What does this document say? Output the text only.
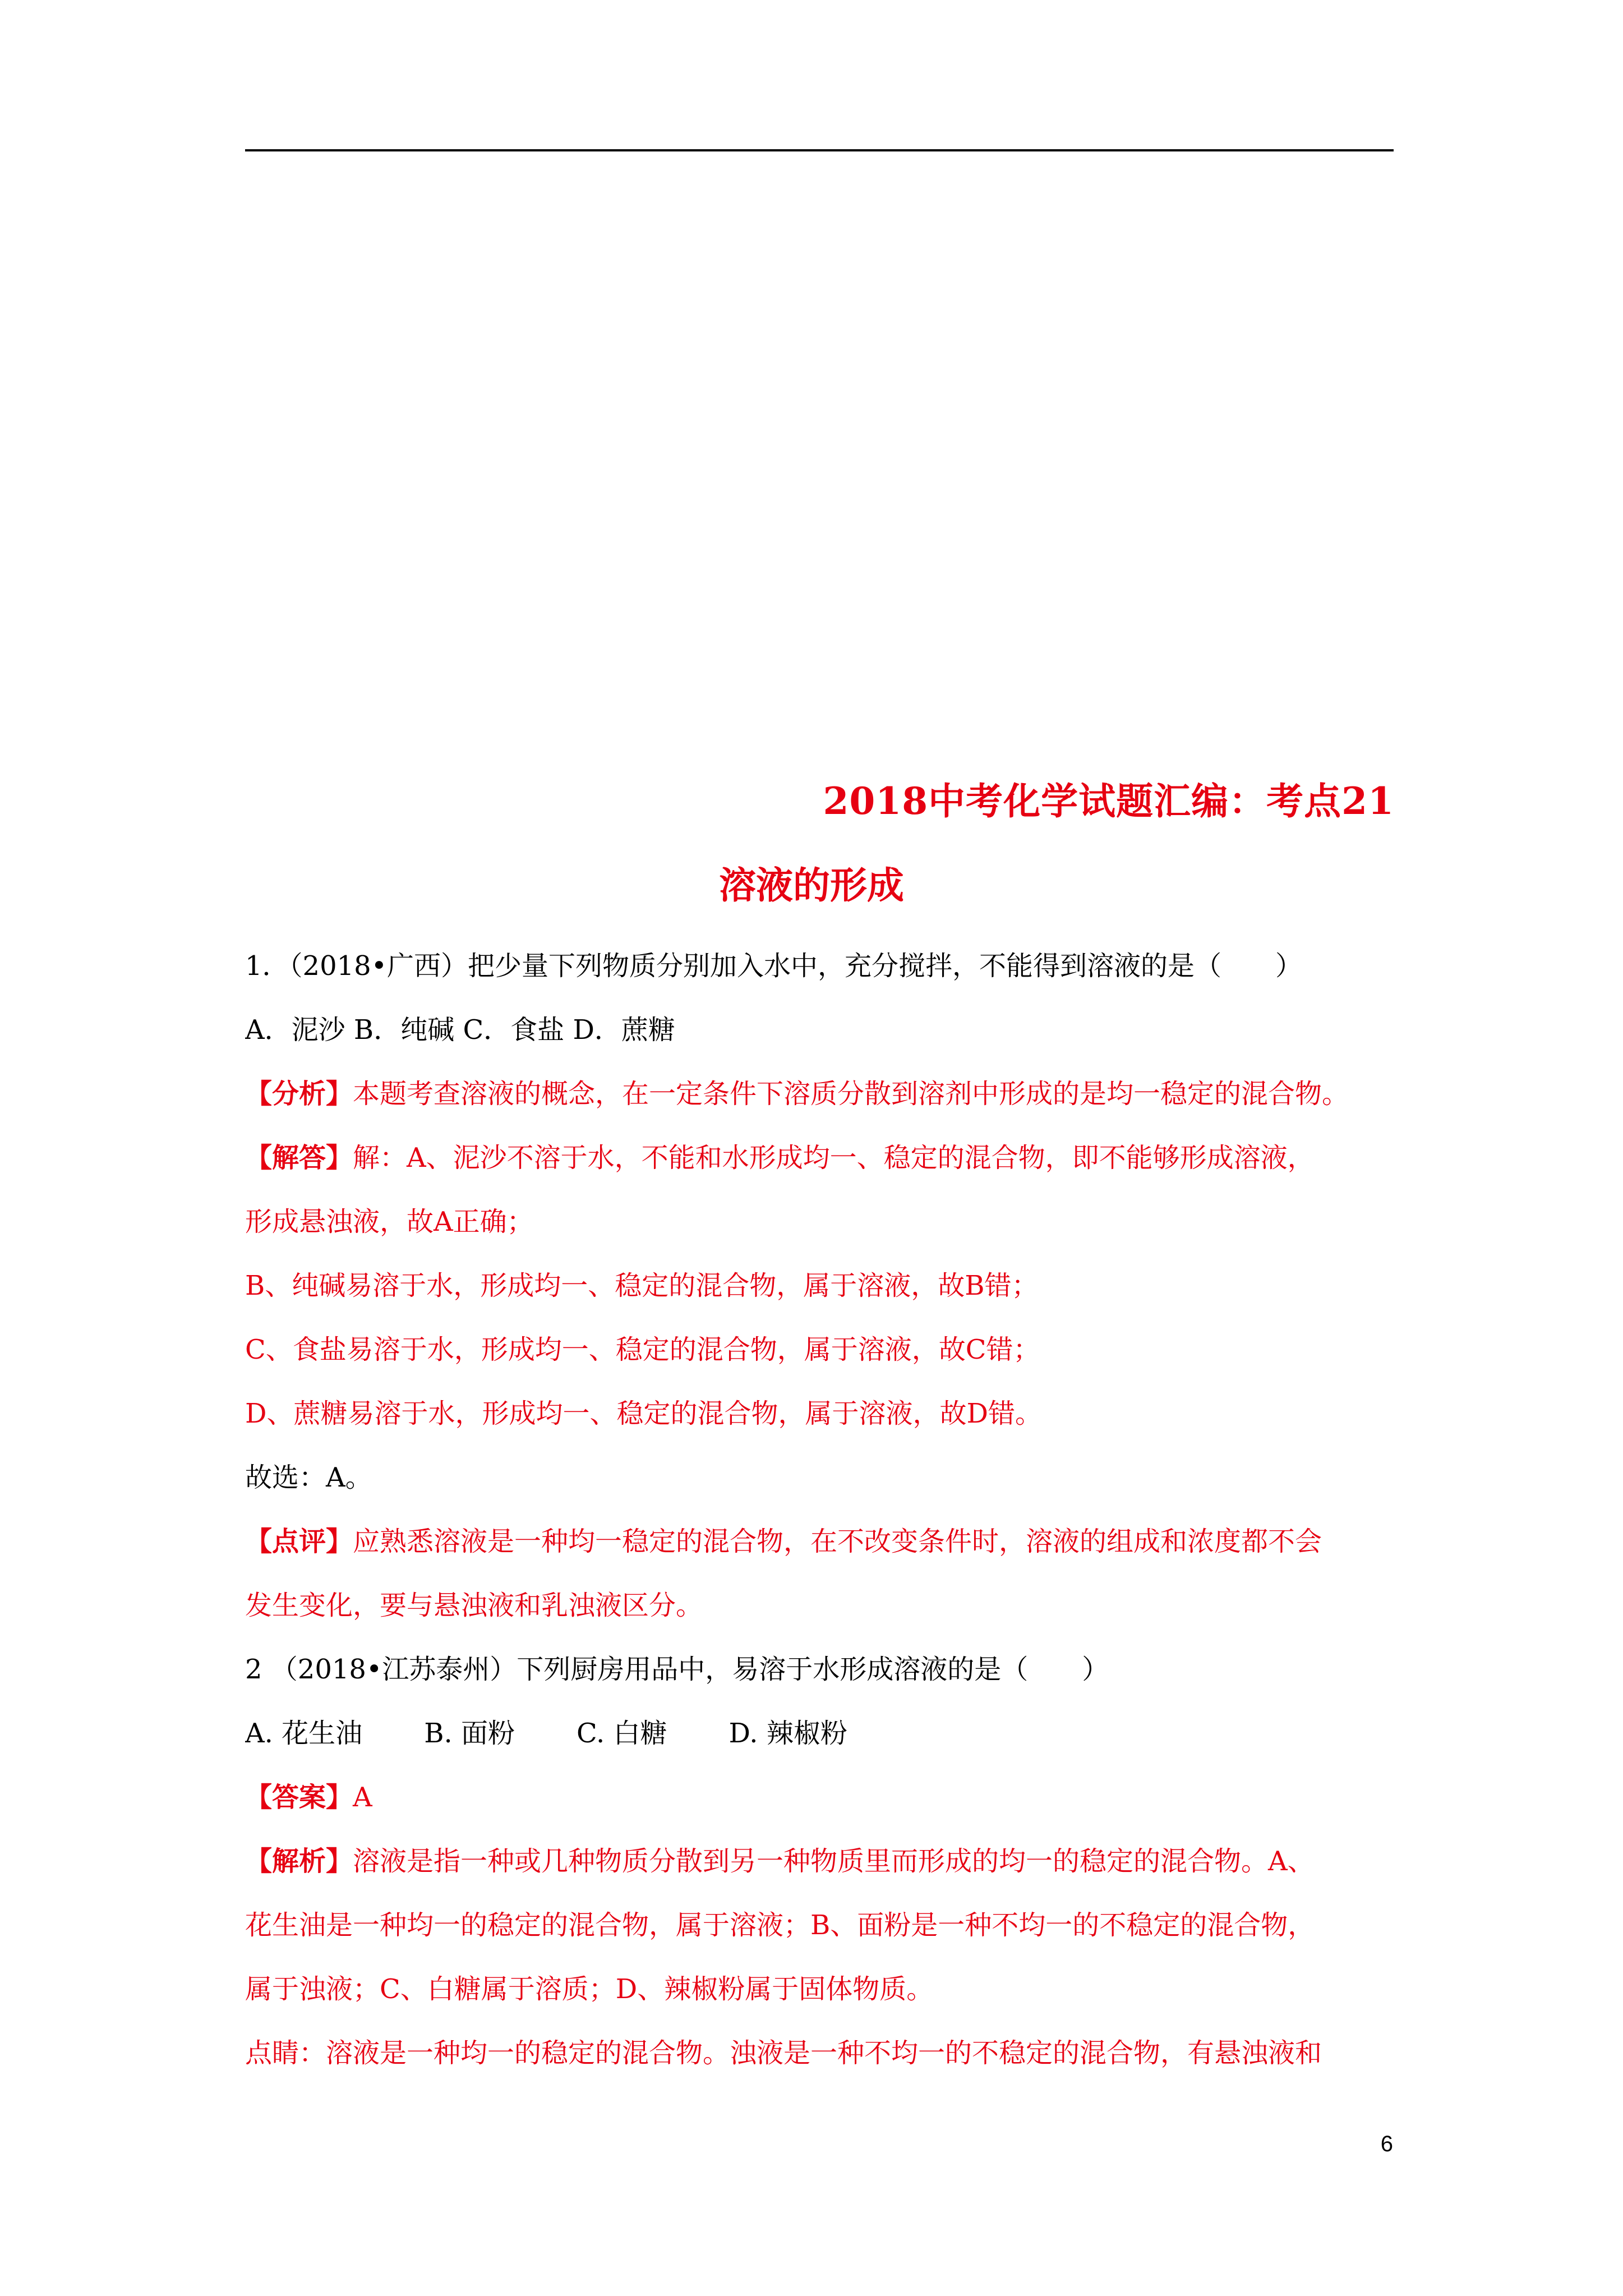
2018中考化学试题汇编：考点21
溶液的形成
1．（2018•广西）把少量下列物质分别加入水中，充分搅拌，不能得到溶液的是（　　）
A．泥沙 B．纯碱 C．食盐 D．蔗糖
【分析】本题考查溶液的概念，在一定条件下溶质分散到溶剂中形成的是均一稳定的混合物。
【解答】解：A、泥沙不溶于水，不能和水形成均一、稳定的混合物，即不能够形成溶液，
形成悬浊液，故A正确；
B、纯碱易溶于水，形成均一、稳定的混合物，属于溶液，故B错；
C、食盐易溶于水，形成均一、稳定的混合物，属于溶液，故C错；
D、蔗糖易溶于水，形成均一、稳定的混合物，属于溶液，故D错。
故选：A。
【点评】应熟悉溶液是一种均一稳定的混合物，在不改变条件时，溶液的组成和浓度都不会
发生变化，要与悬浊液和乳浊液区分。
2 （2018•江苏泰州）下列厨房用品中，易溶于水形成溶液的是（　　）
A. 花生油 B. 面粉 C. 白糖 D. 辣椒粉
【答案】A
【解析】溶液是指一种或几种物质分散到另一种物质里而形成的均一的稳定的混合物。A、
花生油是一种均一的稳定的混合物，属于溶液；B、面粉是一种不均一的不稳定的混合物，
属于浊液；C、白糖属于溶质；D、辣椒粉属于固体物质。
点睛：溶液是一种均一的稳定的混合物。浊液是一种不均一的不稳定的混合物，有悬浊液和
6
